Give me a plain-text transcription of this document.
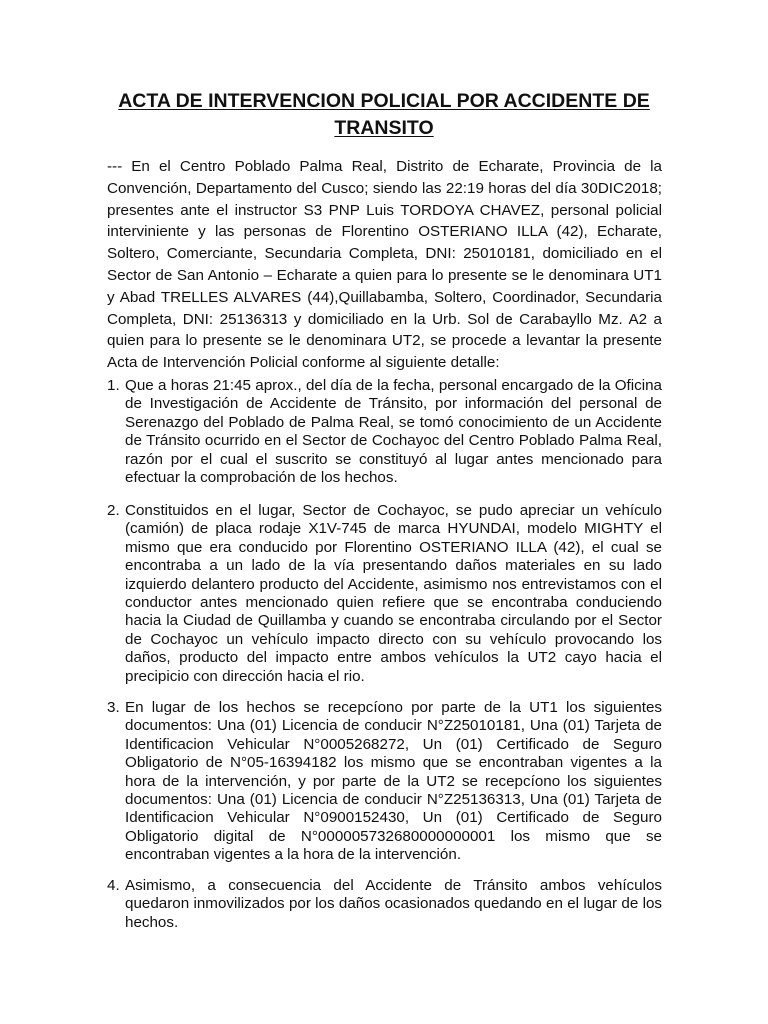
ACTA DE INTERVENCION POLICIAL POR ACCIDENTE DE TRANSITO

--- En el Centro Poblado Palma Real, Distrito de Echarate, Provincia de la Convención, Departamento del Cusco; siendo las 22:19 horas del día 30DIC2018; presentes ante el instructor S3 PNP Luis TORDOYA CHAVEZ, personal policial interviniente y las personas de Florentino OSTERIANO ILLA (42), Echarate, Soltero, Comerciante, Secundaria Completa, DNI: 25010181, domiciliado en el Sector de San Antonio – Echarate a quien para lo presente se le denominara UT1 y Abad TRELLES ALVARES (44),Quillabamba, Soltero, Coordinador, Secundaria Completa, DNI: 25136313 y domiciliado en la Urb. Sol de Carabayllo Mz. A2 a quien para lo presente se le denominara UT2, se procede a levantar la presente Acta de Intervención Policial conforme al siguiente detalle:

1. Que a horas 21:45 aprox., del día de la fecha, personal encargado de la Oficina de Investigación de Accidente de Tránsito, por información del personal de Serenazgo del Poblado de Palma Real, se tomó conocimiento de un Accidente de Tránsito ocurrido en el Sector de Cochayoc del Centro Poblado Palma Real, razón por el cual el suscrito se constituyó al lugar antes mencionado para efectuar la comprobación de los hechos.
2. Constituidos en el lugar, Sector de Cochayoc, se pudo apreciar un vehículo (camión) de placa rodaje X1V-745 de marca HYUNDAI, modelo MIGHTY el mismo que era conducido por Florentino OSTERIANO ILLA (42), el cual se encontraba a un lado de la vía presentando daños materiales en su lado izquierdo delantero producto del Accidente, asimismo nos entrevistamos con el conductor antes mencionado quien refiere que se encontraba conduciendo hacia la Ciudad de Quillamba y cuando se encontraba circulando por el Sector de Cochayoc un vehículo impacto directo con su vehículo provocando los daños, producto del impacto entre ambos vehículos la UT2 cayo hacia el precipicio con dirección hacia el rio.
3. En lugar de los hechos se recepcíono por parte de la UT1 los siguientes documentos: Una (01) Licencia de conducir N°Z25010181, Una (01) Tarjeta de Identificacion Vehicular N°0005268272, Un (01) Certificado de Seguro Obligatorio de N°05-16394182 los mismo que se encontraban vigentes a la hora de la intervención, y por parte de la UT2 se recepcíono los siguientes documentos: Una (01) Licencia de conducir N°Z25136313, Una (01) Tarjeta de Identificacion Vehicular N°0900152430, Un (01) Certificado de Seguro Obligatorio digital de N°000005732680000000001 los mismo que se encontraban vigentes a la hora de la intervención.
4. Asimismo, a consecuencia del Accidente de Tránsito ambos vehículos quedaron inmovilizados por los daños ocasionados quedando en el lugar de los hechos.
